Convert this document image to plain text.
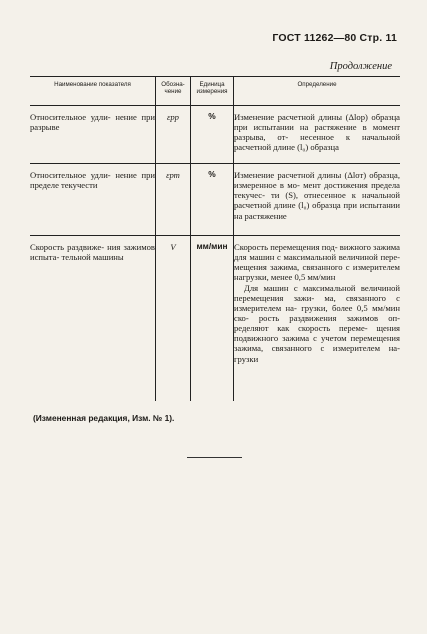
ГОСТ 11262—80 Стр. 11
Продолжение
Наименование показателя	Обозна- чение	Единица измерения	Определение
Относительное удли- нение при разрыве	εрр	%	Изменение расчетной длины (Δlор) образца при испытании на растяжение в момент разрыва, от- несенное к начальной расчетной длине (l₀) образца

Относительное удли- нение при пределе текучести	εрт	%	Изменение расчетной длины (Δlот) образца, измеренное в мо- мент достижения предела текучес- ти (S), отнесенное к начальной расчетной длине (l₀) образца при испытании на растяжение

Скорость раздвиже- ния зажимов испыта- тельной машины	V	мм/мин	Скорость перемещения под- вижного зажима для машин с максимальной величиной пере- мещения зажима, связанного с измерителем нагрузки, менее 0,5 мм/мин

Для машин с максимальной величиной перемещения зажи- ма, связанного с измерителем на- грузки, более 0,5 мм/мин ско- рость раздвижения зажимов оп- ределяют как скорость переме- щения подвижного зажима с учетом перемещения зажима, связанного с измерителем на- грузки

(Измененная редакция, Изм. № 1).
